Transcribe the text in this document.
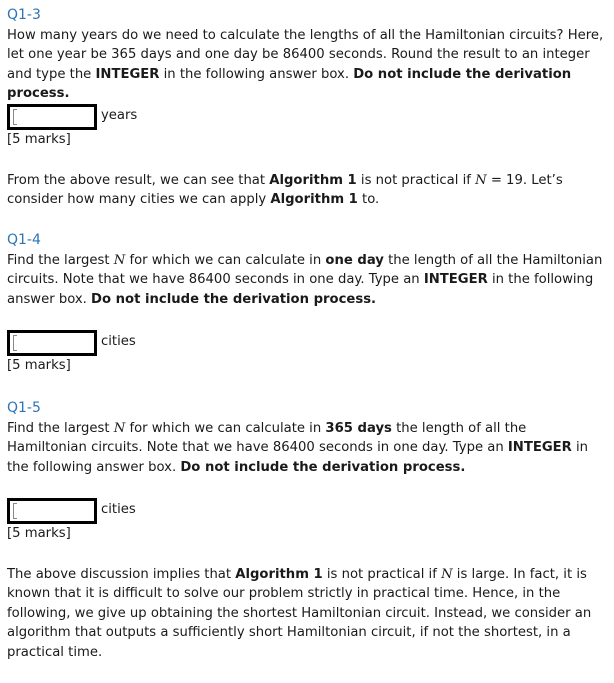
Q1-3

How many years do we need to calculate the lengths of all the Hamiltonian circuits? Here, let one year be 365 days and one day be 86400 seconds. Round the result to an integer and type the INTEGER in the following answer box. Do not include the derivation process.

years
[5 marks]

From the above result, we can see that Algorithm 1 is not practical if N = 19. Let’s consider how many cities we can apply Algorithm 1 to.

Q1-4

Find the largest N for which we can calculate in one day the length of all the Hamiltonian circuits. Note that we have 86400 seconds in one day. Type an INTEGER in the following answer box. Do not include the derivation process.

cities
[5 marks]
Q1-5

Find the largest N for which we can calculate in 365 days the length of all the Hamiltonian circuits. Note that we have 86400 seconds in one day. Type an INTEGER in the following answer box. Do not include the derivation process.

cities
[5 marks]

The above discussion implies that Algorithm 1 is not practical if N is large. In fact, it is known that it is difficult to solve our problem strictly in practical time. Hence, in the following, we give up obtaining the shortest Hamiltonian circuit. Instead, we consider an algorithm that outputs a sufficiently short Hamiltonian circuit, if not the shortest, in a practical time.
